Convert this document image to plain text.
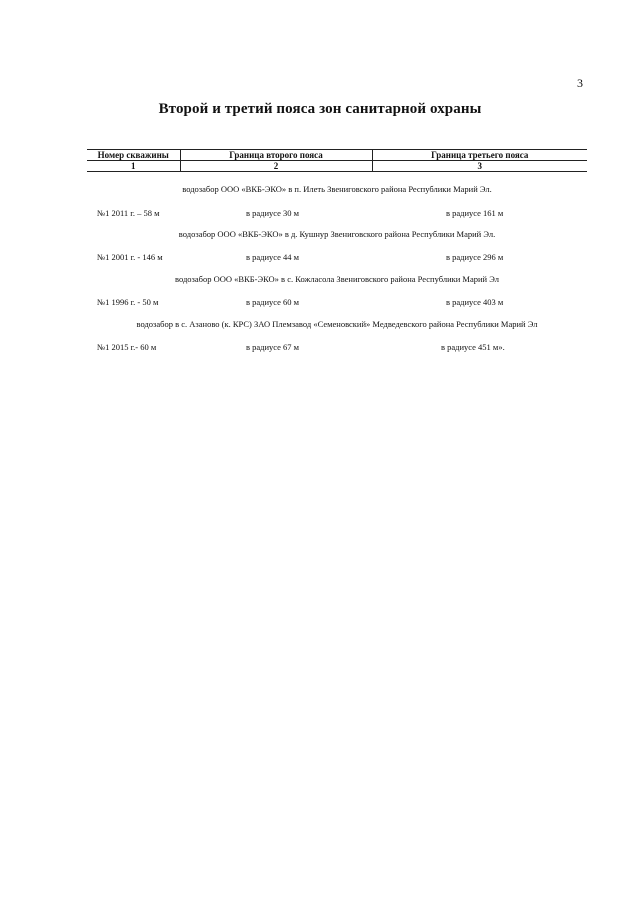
3
Второй и третий пояса зон санитарной охраны
Номер скважины	Граница второго пояса	Граница третьего пояса
1	2	3
водозабор ООО «ВКБ-ЭКО» в п. Илеть Звениговского района Республики Марий Эл.
№1 2011 г. – 58 м	в радиусе 30 м	в радиусе 161 м
водозабор ООО «ВКБ-ЭКО» в д. Кушнур Звениговского района Республики Марий Эл.
№1 2001 г. - 146 м	в радиусе 44 м	в радиусе 296 м
водозабор ООО «ВКБ-ЭКО» в с. Кожласола Звениговского района Республики Марий Эл
№1 1996 г. - 50 м	в радиусе 60 м	в радиусе 403 м
водозабор в с. Азаново (к. КРС) ЗАО Племзавод «Семеновский» Медведевского района Республики Марий Эл
№1 2015 г.- 60 м	в радиусе 67 м	в радиусе 451 м».
